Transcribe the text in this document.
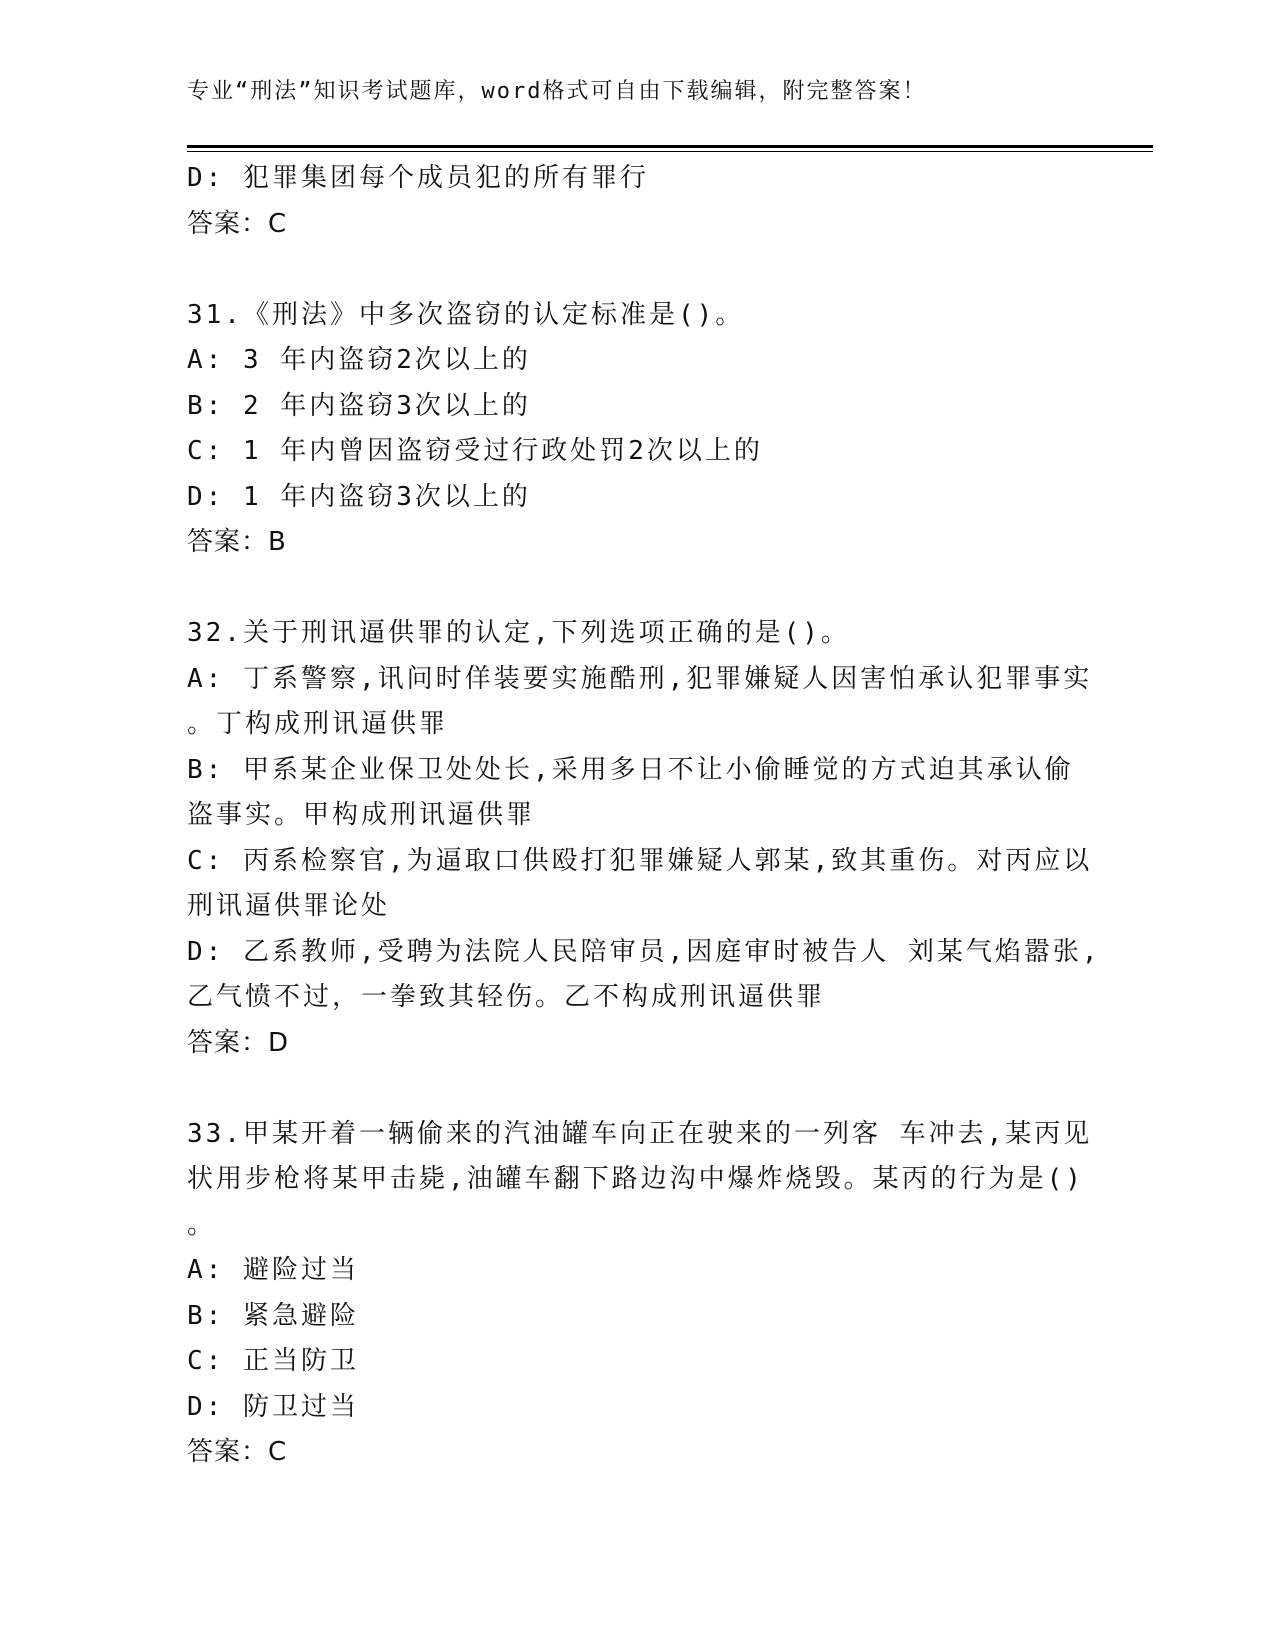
专业“刑法”知识考试题库，word格式可自由下载编辑，附完整答案！
D: 犯罪集团每个成员犯的所有罪行
答案：C
31.《刑法》中多次盗窃的认定标准是()。
A: 3 年内盗窃2次以上的
B: 2 年内盗窃3次以上的
C: 1 年内曾因盗窃受过行政处罚2次以上的
D: 1 年内盗窃3次以上的
答案：B
32.关于刑讯逼供罪的认定,下列选项正确的是()。
A: 丁系警察,讯问时佯装要实施酷刑,犯罪嫌疑人因害怕承认犯罪事实
。丁构成刑讯逼供罪
B: 甲系某企业保卫处处长,采用多日不让小偷睡觉的方式迫其承认偷
盗事实。甲构成刑讯逼供罪
C: 丙系检察官,为逼取口供殴打犯罪嫌疑人郭某,致其重伤。对丙应以
刑讯逼供罪论处
D: 乙系教师,受聘为法院人民陪审员,因庭审时被告人 刘某气焰嚣张,
乙气愤不过，一拳致其轻伤。乙不构成刑讯逼供罪
答案：D
33.甲某开着一辆偷来的汽油罐车向正在驶来的一列客 车冲去,某丙见
状用步枪将某甲击毙,油罐车翻下路边沟中爆炸烧毁。某丙的行为是()
。
A: 避险过当
B: 紧急避险
C: 正当防卫
D: 防卫过当
答案：C
